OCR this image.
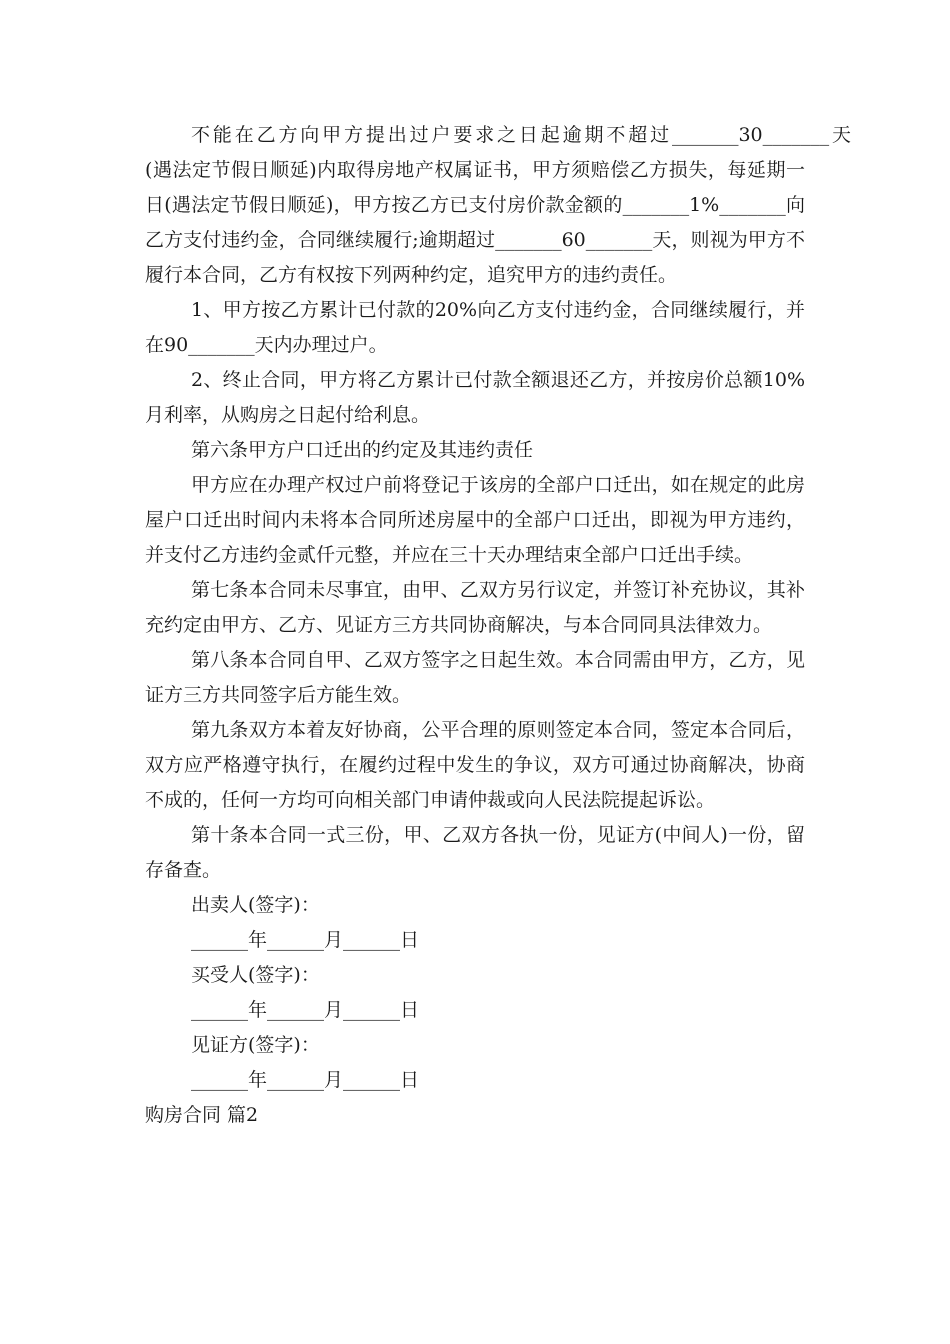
不能在乙方向甲方提出过户要求之日起逾期不超过_______30_______天
(遇法定节假日顺延)内取得房地产权属证书，甲方须赔偿乙方损失，每延期一
日(遇法定节假日顺延)，甲方按乙方已支付房价款金额的_______1%_______向
乙方支付违约金，合同继续履行;逾期超过_______60_______天，则视为甲方不
履行本合同，乙方有权按下列两种约定，追究甲方的违约责任。
1、甲方按乙方累计已付款的20%向乙方支付违约金，合同继续履行，并
在90_______天内办理过户。
2、终止合同，甲方将乙方累计已付款全额退还乙方，并按房价总额10%
月利率，从购房之日起付给利息。
第六条甲方户口迁出的约定及其违约责任
甲方应在办理产权过户前将登记于该房的全部户口迁出，如在规定的此房
屋户口迁出时间内未将本合同所述房屋中的全部户口迁出，即视为甲方违约，
并支付乙方违约金贰仟元整，并应在三十天办理结束全部户口迁出手续。
第七条本合同未尽事宜，由甲、乙双方另行议定，并签订补充协议，其补
充约定由甲方、乙方、见证方三方共同协商解决，与本合同同具法律效力。
第八条本合同自甲、乙双方签字之日起生效。本合同需由甲方，乙方，见
证方三方共同签字后方能生效。
第九条双方本着友好协商，公平合理的原则签定本合同，签定本合同后，
双方应严格遵守执行，在履约过程中发生的争议，双方可通过协商解决，协商
不成的，任何一方均可向相关部门申请仲裁或向人民法院提起诉讼。
第十条本合同一式三份，甲、乙双方各执一份，见证方(中间人)一份，留
存备查。
出卖人(签字)：
______年______月______日
买受人(签字)：
______年______月______日
见证方(签字)：
______年______月______日
购房合同 篇2
